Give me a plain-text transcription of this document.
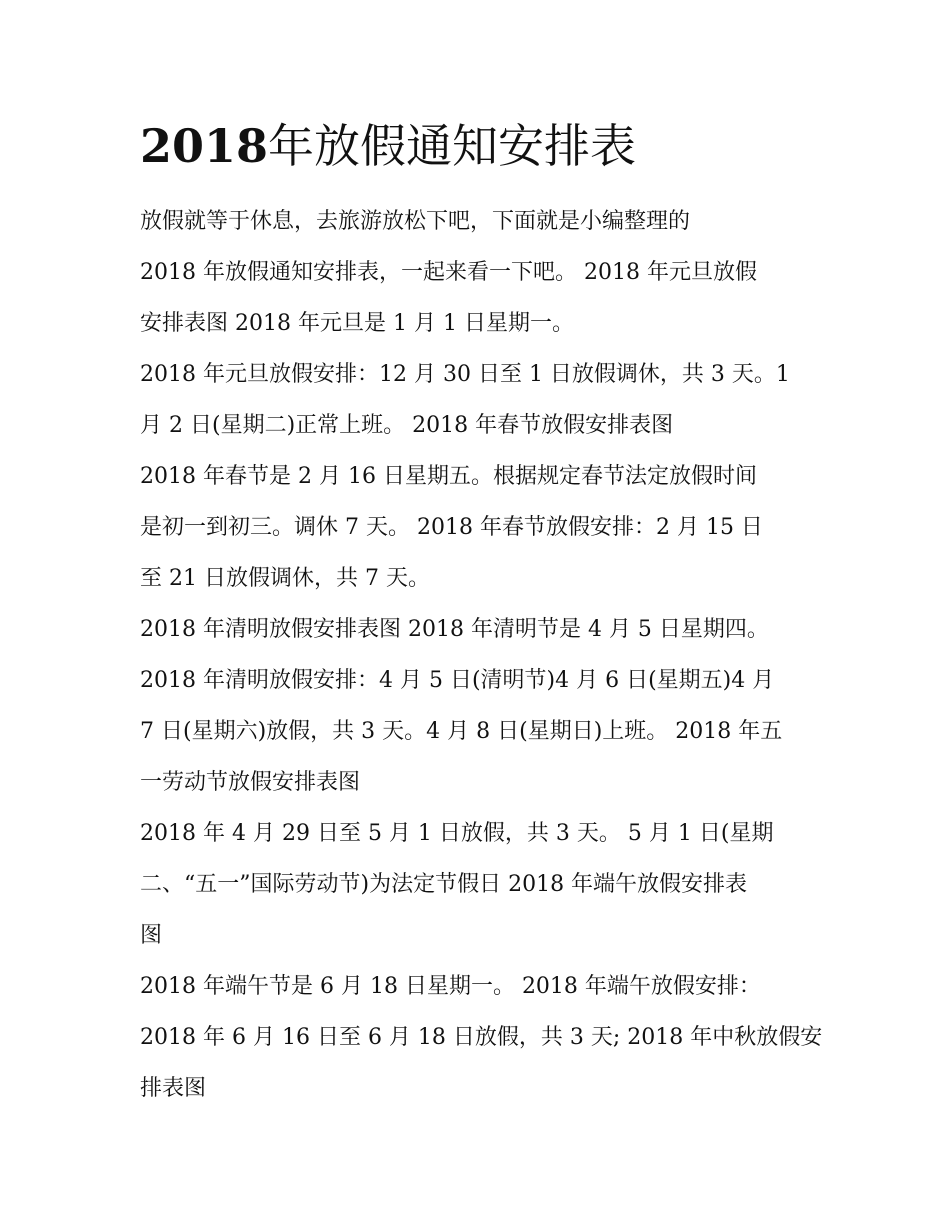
2018年放假通知安排表
放假就等于休息，去旅游放松下吧，下面就是小编整理的
2018 年放假通知安排表，一起来看一下吧。 2018 年元旦放假
安排表图 2018 年元旦是 1 月 1 日星期一。
2018 年元旦放假安排：12 月 30 日至 1 日放假调休，共 3 天。1
月 2 日(星期二)正常上班。 2018 年春节放假安排表图
2018 年春节是 2 月 16 日星期五。根据规定春节法定放假时间
是初一到初三。调休 7 天。 2018 年春节放假安排：2 月 15 日
至 21 日放假调休，共 7 天。
2018 年清明放假安排表图 2018 年清明节是 4 月 5 日星期四。
2018 年清明放假安排：4 月 5 日(清明节)4 月 6 日(星期五)4 月
7 日(星期六)放假，共 3 天。4 月 8 日(星期日)上班。 2018 年五
一劳动节放假安排表图
2018 年 4 月 29 日至 5 月 1 日放假，共 3 天。 5 月 1 日(星期
二、“五一”国际劳动节)为法定节假日 2018 年端午放假安排表
图
2018 年端午节是 6 月 18 日星期一。 2018 年端午放假安排：
2018 年 6 月 16 日至 6 月 18 日放假，共 3 天; 2018 年中秋放假安
排表图
